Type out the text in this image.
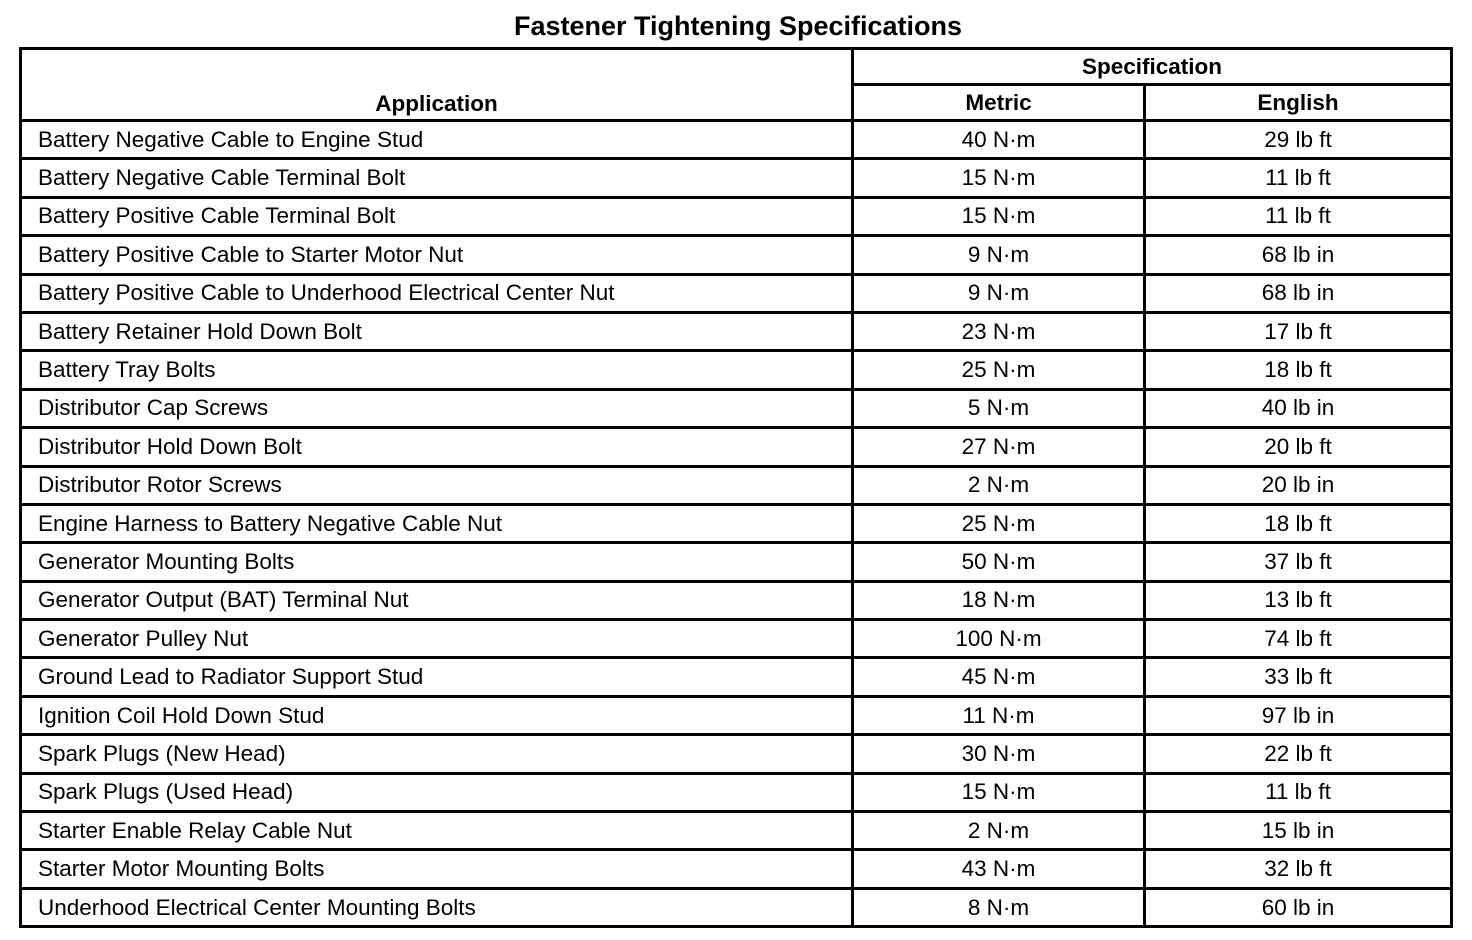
Fastener Tightening Specifications
Application	Specification	
	Metric	English
Battery Negative Cable to Engine Stud	40 N·m	29 lb ft
Battery Negative Cable Terminal Bolt	15 N·m	11 lb ft
Battery Positive Cable Terminal Bolt	15 N·m	11 lb ft
Battery Positive Cable to Starter Motor Nut	9 N·m	68 lb in
Battery Positive Cable to Underhood Electrical Center Nut	9 N·m	68 lb in
Battery Retainer Hold Down Bolt	23 N·m	17 lb ft
Battery Tray Bolts	25 N·m	18 lb ft
Distributor Cap Screws	5 N·m	40 lb in
Distributor Hold Down Bolt	27 N·m	20 lb ft
Distributor Rotor Screws	2 N·m	20 lb in
Engine Harness to Battery Negative Cable Nut	25 N·m	18 lb ft
Generator Mounting Bolts	50 N·m	37 lb ft
Generator Output (BAT) Terminal Nut	18 N·m	13 lb ft
Generator Pulley Nut	100 N·m	74 lb ft
Ground Lead to Radiator Support Stud	45 N·m	33 lb ft
Ignition Coil Hold Down Stud	11 N·m	97 lb in
Spark Plugs (New Head)	30 N·m	22 lb ft
Spark Plugs (Used Head)	15 N·m	11 lb ft
Starter Enable Relay Cable Nut	2 N·m	15 lb in
Starter Motor Mounting Bolts	43 N·m	32 lb ft
Underhood Electrical Center Mounting Bolts	8 N·m	60 lb in
